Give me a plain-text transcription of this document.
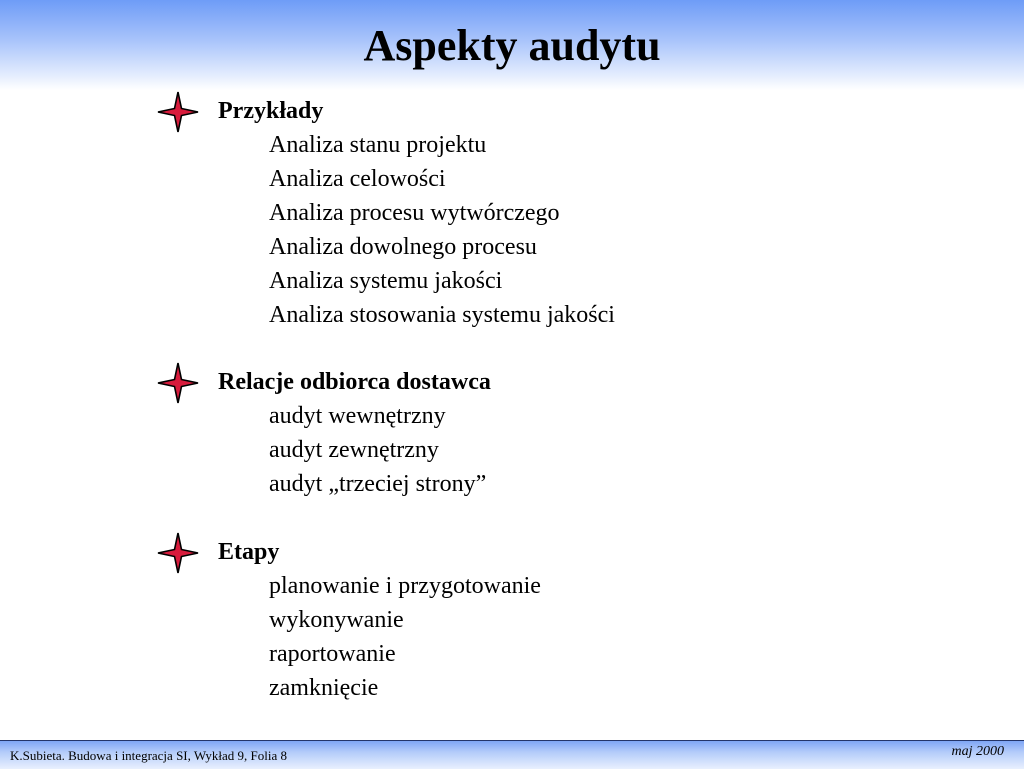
Aspekty audytu
Przykłady
Analiza stanu projektu
Analiza celowości
Analiza procesu wytwórczego
Analiza dowolnego procesu
Analiza systemu jakości
Analiza stosowania systemu jakości
Relacje odbiorca dostawca
audyt wewnętrzny
audyt zewnętrzny
audyt „trzeciej strony”
Etapy
planowanie i przygotowanie
wykonywanie
raportowanie
zamknięcie
K.Subieta. Budowa i integracja SI, Wykład 9, Folia 8	maj 2000
